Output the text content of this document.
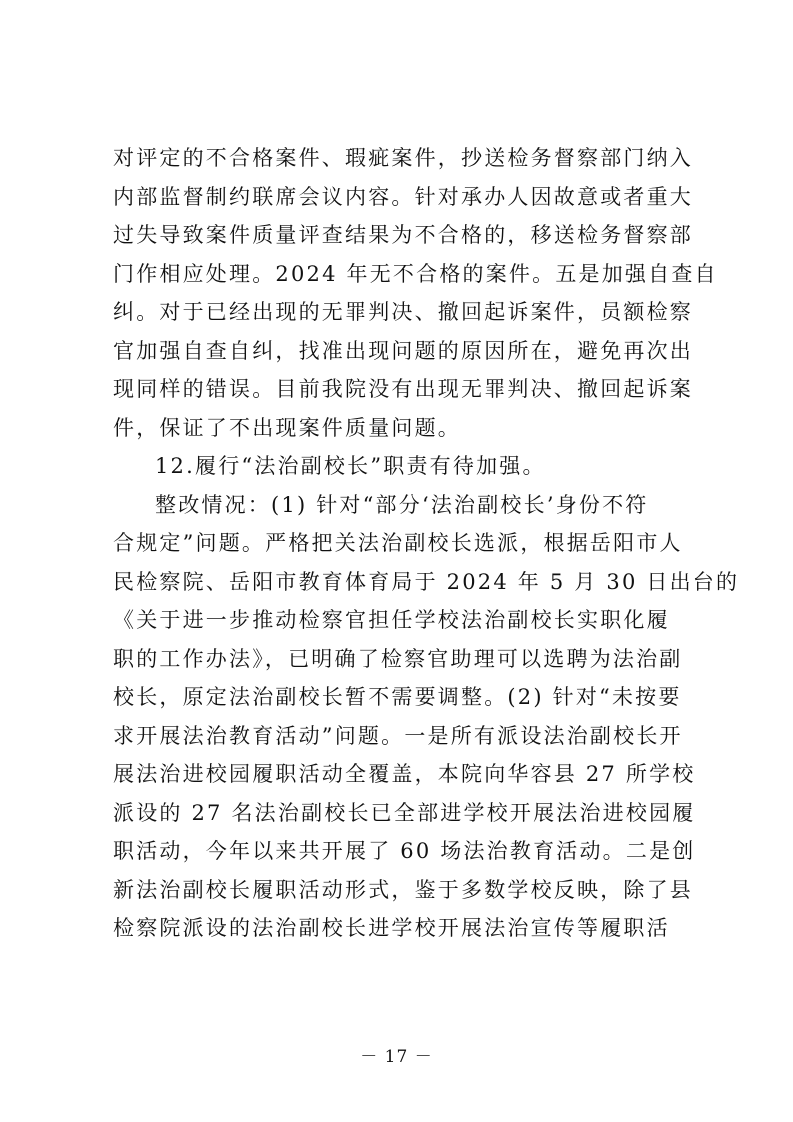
对评定的不合格案件、瑕疵案件，抄送检务督察部门纳入
内部监督制约联席会议内容。针对承办人因故意或者重大
过失导致案件质量评查结果为不合格的，移送检务督察部
门作相应处理。2024 年无不合格的案件。五是加强自查自
纠。对于已经出现的无罪判决、撤回起诉案件，员额检察
官加强自查自纠，找准出现问题的原因所在，避免再次出
现同样的错误。目前我院没有出现无罪判决、撤回起诉案
件，保证了不出现案件质量问题。
12.履行“法治副校长”职责有待加强。
整改情况：(1) 针对“部分‘法治副校长’身份不符
合规定”问题。严格把关法治副校长选派，根据岳阳市人
民检察院、岳阳市教育体育局于 2024 年 5 月 30 日出台的
《关于进一步推动检察官担任学校法治副校长实职化履
职的工作办法》，已明确了检察官助理可以选聘为法治副
校长，原定法治副校长暂不需要调整。(2) 针对“未按要
求开展法治教育活动”问题。一是所有派设法治副校长开
展法治进校园履职活动全覆盖，本院向华容县 27 所学校
派设的 27 名法治副校长已全部进学校开展法治进校园履
职活动，今年以来共开展了 60 场法治教育活动。二是创
新法治副校长履职活动形式，鉴于多数学校反映，除了县
检察院派设的法治副校长进学校开展法治宣传等履职活
－ 17 －
